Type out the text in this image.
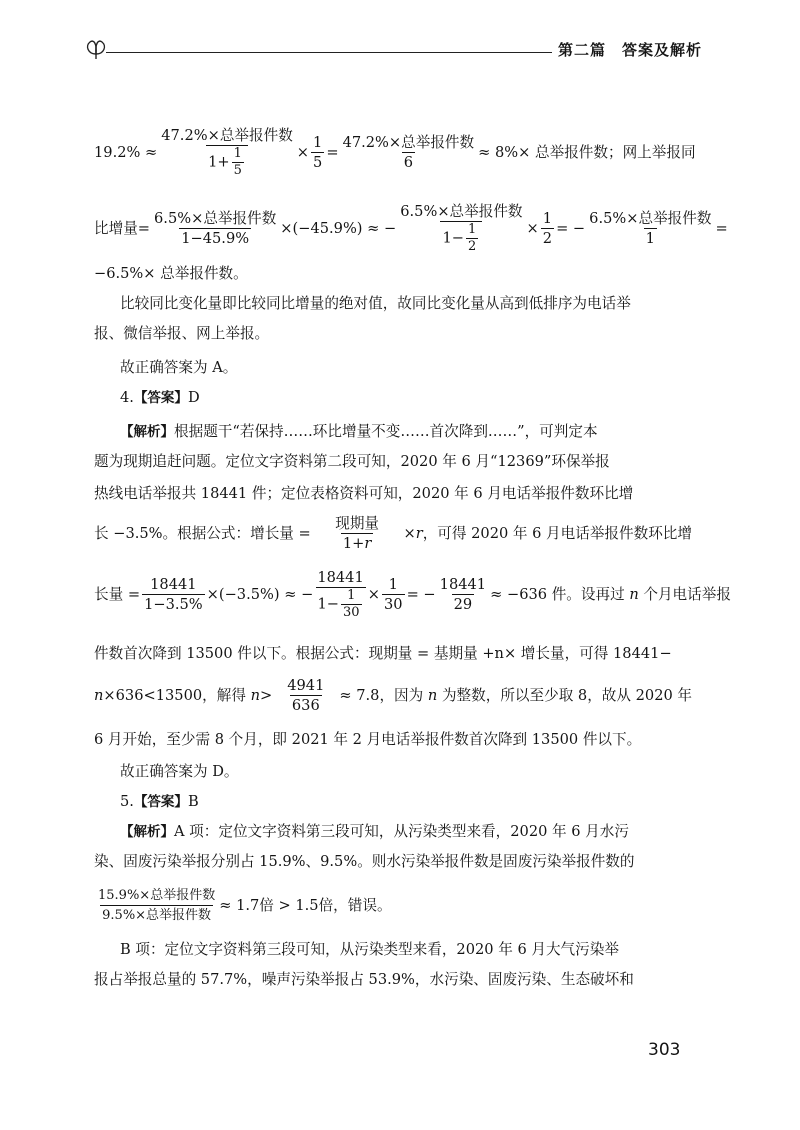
第二篇　答案及解析
$19.2\% \approx \frac{\text{47.2\%×总举报件数}}{1+ \frac{1}{5}} \times \frac{1}{5} = \frac{\text{47.2\%×总举报件数}}{6} \approx 8\%\times$ 总举报件数；网上举报同
比增量= $\frac{\text{6.5\%×总举报件数}}{1-45.9\%} \times(-45.9\%)$ ≈ − $\frac{\text{6.5\%×总举报件数}}{1- \frac{1}{2}} \times \frac{1}{2}$ = − $\frac{\text{6.5\%×总举报件数}}{1}$ =
−6.5%× 总举报件数。
比较同比变化量即比较同比增量的绝对值，故同比变化量从高到低排序为电话举
报、微信举报、网上举报。
故正确答案为 A。
4.【答案】D
【解析】根据题干“若保持……环比增量不变……首次降到……”，可判定本
题为现期追赶问题。定位文字资料第二段可知，2020 年 6 月“12369”环保举报
热线电话举报共 18441 件；定位表格资料可知，2020 年 6 月电话举报件数环比增
长 −3.5%。根据公式：增长量 = $\frac{\text{现期量}}{1+r} \times r$，可得 2020 年 6 月电话举报件数环比增
长量 = $\frac{18441}{1-3.5\%} \times(-3.5\%)$ ≈ − $\frac{18441}{1- \frac{1}{30}} \times \frac{1}{30}$ = − $\frac{18441}{29} \approx -636$ 件。设再过 n 个月电话举报
件数首次降到 13500 件以下。根据公式：现期量 = 基期量 +n× 增长量，可得 18441−
n×636<13500，解得 $n> \frac{4941}{636} \approx 7.8$，因为 n 为整数，所以至少取 8，故从 2020 年
6 月开始，至少需 8 个月，即 2021 年 2 月电话举报件数首次降到 13500 件以下。
故正确答案为 D。
5.【答案】B
【解析】A 项：定位文字资料第三段可知，从污染类型来看，2020 年 6 月水污
染、固废污染举报分别占 15.9%、9.5%。则水污染举报件数是固废污染举报件数的
$\frac{\text{15.9\%×总举报件数}}{\text{9.5\%×总举报件数}} \approx 1.7$倍 > 1.5倍，错误。
B 项：定位文字资料第三段可知，从污染类型来看，2020 年 6 月大气污染举
报占举报总量的 57.7%，噪声污染举报占 53.9%，水污染、固废污染、生态破坏和
303
